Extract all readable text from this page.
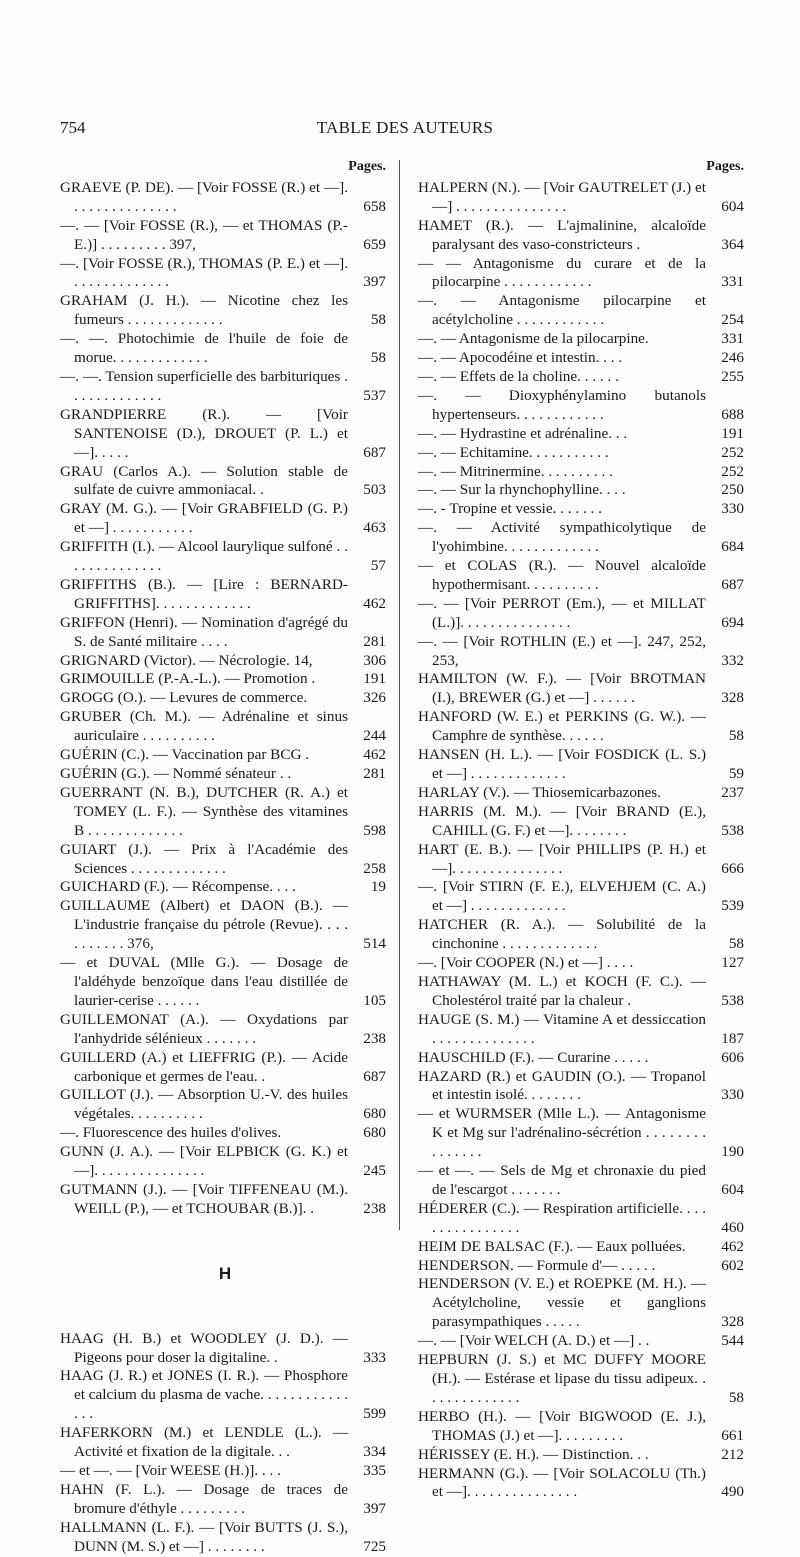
754	TABLE DES AUTEURS
Pages.
GRAEVE (P. DE). — [Voir FOSSE (R.) et —]. . . . . . . . . . . . . . .	658
—. — [Voir FOSSE (R.), — et THOMAS (P.-E.)] . . . . . . . . . 397,	659
—. [Voir FOSSE (R.), THOMAS (P. E.) et —]. . . . . . . . . . . . . .	397
GRAHAM (J. H.). — Nicotine chez les fumeurs . . . . . . . . . . . . .	58
—. —. Photochimie de l'huile de foie de morue. . . . . . . . . . . . .	58
—. —. Tension superficielle des barbituriques . . . . . . . . . . . . .	537
GRANDPIERRE (R.). — [Voir SANTENOISE (D.), DROUET (P. L.) et —]. . . . .	687
GRAU (Carlos A.). — Solution stable de sulfate de cuivre ammoniacal. .	503
GRAY (M. G.). — [Voir GRABFIELD (G. P.) et —] . . . . . . . . . . .	463
GRIFFITH (I.). — Alcool laurylique sulfoné . . . . . . . . . . . . . .	57
GRIFFITHS (B.). — [Lire : BERNARD-GRIFFITHS]. . . . . . . . . . . . .	462
GRIFFON (Henri). — Nomination d'agrégé du S. de Santé militaire . . . .	281
GRIGNARD (Victor). — Nécrologie. 14,	306
GRIMOUILLE (P.-A.-L.). — Promotion .	191
GROGG (O.). — Levures de commerce.	326
GRUBER (Ch. M.). — Adrénaline et sinus auriculaire . . . . . . . . . .	244
GUÉRIN (C.). — Vaccination par BCG .	462
GUÉRIN (G.). — Nommé sénateur . .	281
GUERRANT (N. B.), DUTCHER (R. A.) et TOMEY (L. F.). — Synthèse des vitamines B . . . . . . . . . . . . .	598
GUIART (J.). — Prix à l'Académie des Sciences . . . . . . . . . . . . .	258
GUICHARD (F.). — Récompense. . . .	19
GUILLAUME (Albert) et DAON (B.). — L'industrie française du pétrole (Revue). . . . . . . . . . . 376,	514
— et DUVAL (Mlle G.). — Dosage de l'aldéhyde benzoïque dans l'eau distillée de laurier-cerise . . . . . .	105
GUILLEMONAT (A.). — Oxydations par l'anhydride sélénieux . . . . . . .	238
GUILLERD (A.) et LIEFFRIG (P.). — Acide carbonique et germes de l'eau. .	687
GUILLOT (J.). — Absorption U.-V. des huiles végétales. . . . . . . . . .	680
—. Fluorescence des huiles d'olives.	680
GUNN (J. A.). — [Voir ELPBICK (G. K.) et —]. . . . . . . . . . . . . . .	245
GUTMANN (J.). — [Voir TIFFENEAU (M.). WEILL (P.), — et TCHOUBAR (B.)]. .	238
H
HAAG (H. B.) et WOODLEY (J. D.). — Pigeons pour doser la digitaline. .	333
HAAG (J. R.) et JONES (I. R.). — Phosphore et calcium du plasma de vache. . . . . . . . . . . . . . .	599
HAFERKORN (M.) et LENDLE (L.). — Activité et fixation de la digitale. . .	334
— et —. — [Voir WEESE (H.)]. . . .	335
HAHN (F. L.). — Dosage de traces de bromure d'éthyle . . . . . . . . .	397
HALLMANN (L. F.). — [Voir BUTTS (J. S.), DUNN (M. S.) et —] . . . . . . . .	725
Pages.
HALPERN (N.). — [Voir GAUTRELET (J.) et —] . . . . . . . . . . . . . . .	604
HAMET (R.). — L'ajmalinine, alcaloïde paralysant des vaso-constricteurs .	364
— — Antagonisme du curare et de la pilocarpine . . . . . . . . . . . .	331
—. — Antagonisme pilocarpine et acétylcholine . . . . . . . . . . . .	254
—. — Antagonisme de la pilocarpine.	331
—. — Apocodéine et intestin. . . .	246
—. — Effets de la choline. . . . . .	255
—. — Dioxyphénylamino butanols hypertenseurs. . . . . . . . . . . .	688
—. — Hydrastine et adrénaline. . .	191
—. — Echitamine. . . . . . . . . . .	252
—. — Mitrinermine. . . . . . . . . .	252
—. — Sur la rhynchophylline. . . .	250
—. - Tropine et vessie. . . . . . .	330
—. — Activité sympathicolytique de l'yohimbine. . . . . . . . . . . . .	684
— et COLAS (R.). — Nouvel alcaloïde hypothermisant. . . . . . . . . .	687
—. — [Voir PERROT (Em.), — et MILLAT (L.)]. . . . . . . . . . . . . . .	694
—. — [Voir ROTHLIN (E.) et —]. 247, 252, 253,	332
HAMILTON (W. F.). — [Voir BROTMAN (I.), BREWER (G.) et —] . . . . . .	328
HANFORD (W. E.) et PERKINS (G. W.). — Camphre de synthèse. . . . . .	58
HANSEN (H. L.). — [Voir FOSDICK (L. S.) et —] . . . . . . . . . . . . .	59
HARLAY (V.). — Thiosemicarbazones.	237
HARRIS (M. M.). — [Voir BRAND (E.), CAHILL (G. F.) et —]. . . . . . . .	538
HART (E. B.). — [Voir PHILLIPS (P. H.) et —]. . . . . . . . . . . . . . .	666
—. [Voir STIRN (F. E.), ELVEHJEM (C. A.) et —] . . . . . . . . . . . . .	539
HATCHER (R. A.). — Solubilité de la cinchonine . . . . . . . . . . . . .	58
—. [Voir COOPER (N.) et —] . . . .	127
HATHAWAY (M. L.) et KOCH (F. C.). — Cholestérol traité par la chaleur .	538
HAUGE (S. M.) — Vitamine A et dessiccation . . . . . . . . . . . . . .	187
HAUSCHILD (F.). — Curarine . . . . .	606
HAZARD (R.) et GAUDIN (O.). — Tropanol et intestin isolé. . . . . . . .	330
— et WURMSER (Mlle L.). — Antagonisme K et Mg sur l'adrénalino-sécrétion . . . . . . . . . . . . . . .	190
— et —. — Sels de Mg et chronaxie du pied de l'escargot . . . . . . .	604
HÉDERER (C.). — Respiration artificielle. . . . . . . . . . . . . . . .	460
HEIM DE BALSAC (F.). — Eaux polluées.	462
HENDERSON. — Formule d'— . . . . .	602
HENDERSON (V. E.) et ROEPKE (M. H.). — Acétylcholine, vessie et ganglions parasympathiques . . . . .	328
—. — [Voir WELCH (A. D.) et —] . .	544
HEPBURN (J. S.) et MC DUFFY MOORE (H.). — Estérase et lipase du tissu adipeux. . . . . . . . . . . . . .	58
HERBO (H.). — [Voir BIGWOOD (E. J.), THOMAS (J.) et —]. . . . . . . . .	661
HÉRISSEY (E. H.). — Distinction. . .	212
HERMANN (G.). — [Voir SOLACOLU (Th.) et —]. . . . . . . . . . . . . . .	490
